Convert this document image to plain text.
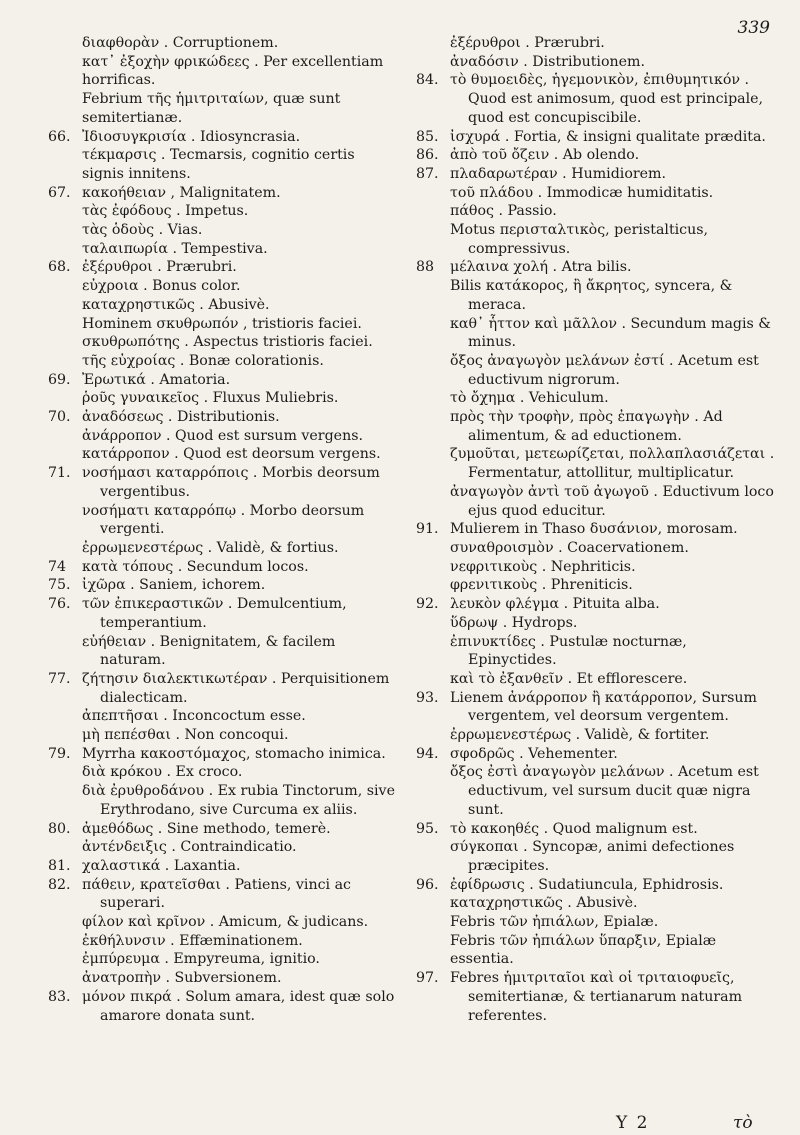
339
διαφθορὰν . Corruptionem.
κατ᾽ ἐξοχὴν φρικώδεες . Per excellentiam horrificas.
Febrium τῆς ἡμιτριταίων, quæ sunt semitertianæ.
66. Ἰδιοσυγκρισία . Idiosyncrasia.
τέκμαρσις . Tecmarsis, cognitio certis signis innitens.
67. κακοήθειαν , Malignitatem.
τὰς ἐφόδους . Impetus.
τὰς ὁδοὺς . Vias.
ταλαιπωρία . Tempestiva.
68. ἐξέρυθροι . Prærubri.
εὐχροια . Bonus color.
καταχρηστικῶς . Abusivè.
Hominem σκυθρωπόν , tristioris faciei.
σκυθρωπότης . Aspectus tristioris faciei.
τῆς εὐχροίας . Bonæ colorationis.
69. Ἐρωτικά . Amatoria.
ῥοῦς γυναικεῖος . Fluxus Muliebris.
70. ἀναδόσεως . Distributionis.
ἀνάρροπον . Quod est sursum vergens.
κατάρροπον . Quod est deorsum vergens.
71. νοσήμασι καταρρόποις . Morbis deorsum vergentibus.
νοσήματι καταρρόπῳ . Morbo deorsum vergenti.
ἐρρωμενεστέρως . Validè, & fortius.
74	κατὰ τόπους . Secundum locos.
75. ἰχῶρα . Saniem, ichorem.
76. τῶν ἐπικεραστικῶν . Demulcentium, temperantium.
εὐήθειαν . Benignitatem, & facilem naturam.
77. ζήτησιν διαλεκτικωτέραν . Perquisitionem dialecticam.
ἀπεπτῆσαι . Inconcoctum esse.
μὴ πεπέσθαι . Non concoqui.
79. Myrrha κακοστόμαχος, stomacho inimica.
διὰ κρόκου . Ex croco.
διὰ ἐρυθροδάνου . Ex rubia Tinctorum, sive Erythrodano, sive Curcuma ex aliis.
80. ἀμεθόδως . Sine methodo, temerè.
ἀντένδειξις . Contraindicatio.
81. χαλαστικά . Laxantia.
82. πάθειν, κρατεῖσθαι . Patiens, vinci ac superari.
φίλον καὶ κρῖνον . Amicum, & judicans.
ἐκθήλυνσιν . Effæminationem.
ἐμπύρευμα . Empyreuma, ignitio.
ἀνατροπὴν . Subversionem.
83. μόνον πικρά . Solum amara, idest quæ solo amarore donata sunt.
ἐξέρυθροι . Prærubri.
ἀναδόσιν . Distributionem.
84. τὸ θυμοειδὲς, ἡγεμονικὸν, ἐπιθυμητικόν . Quod est animosum, quod est principale, quod est concupiscibile.
85. ἰσχυρά . Fortia, & insigni qualitate prædita.
86. ἀπὸ τοῦ ὄζειν . Ab olendo.
87. πλαδαρωτέραν . Humidiorem.
τοῦ πλάδου . Immodicæ humiditatis.
πάθος . Passio.
Motus περισταλτικὸς, peristalticus, compressivus.
88	μέλαινα χολή . Atra bilis.
Bilis κατάκορος, ἢ ἄκρητος, syncera, & meraca.
καθ᾽ ἧττον καὶ μᾶλλον . Secundum magis & minus.
ὄξος ἀναγωγὸν μελάνων ἐστί . Acetum est eductivum nigrorum.
τὸ ὄχημα . Vehiculum.
πρὸς τὴν τροφὴν, πρὸς ἐπαγωγὴν . Ad alimentum, & ad eductionem.
ζυμοῦται, μετεωρίζεται, πολλαπλασιάζεται . Fermentatur, attollitur, multiplicatur.
ἀναγωγὸν ἀντὶ τοῦ ἀγωγοῦ . Eductivum loco ejus quod educitur.
91. Mulierem in Thaso δυσάνιον, morosam.
συναθροισμὸν . Coacervationem.
νεφριτικοὺς . Nephriticis.
φρενιτικοὺς . Phreniticis.
92. λευκὸν φλέγμα . Pituita alba.
ὕδρωψ . Hydrops.
ἐπινυκτίδες . Pustulæ nocturnæ, Epinyctides.
καὶ τὸ ἐξανθεῖν . Et efflorescere.
93. Lienem ἀνάρροπον ἢ κατάρροπον, Sursum vergentem, vel deorsum vergentem.
ἐρρωμενεστέρως . Validè, & fortiter.
94. σφοδρῶς . Vehementer.
ὄξος ἐστὶ ἀναγωγὸν μελάνων . Acetum est eductivum, vel sursum ducit quæ nigra sunt.
95. τὸ κακοηθές . Quod malignum est.
σύγκοπαι . Syncopæ, animi defectiones præcipites.
96. ἐφίδρωσις . Sudatiuncula, Ephidrosis.
καταχρηστικῶς . Abusivè.
Febris τῶν ἠπιάλων, Epialæ.
Febris τῶν ἠπιάλων ὕπαρξιν, Epialæ essentia.
97. Febres ἡμιτριταῖοι καὶ οἱ τριταιοφυεῖς, semitertianæ, & tertianarum naturam referentes.
Y 2	τὸ
